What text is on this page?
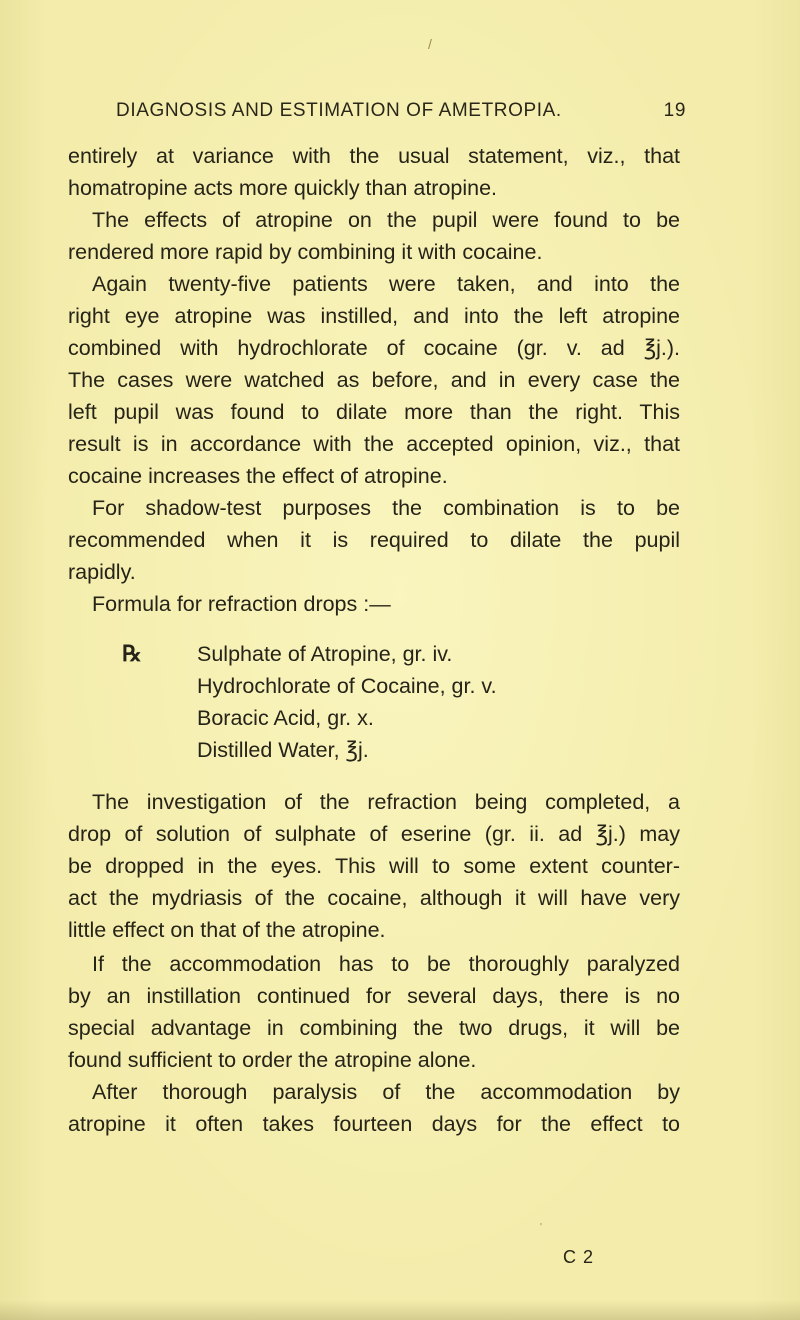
DIAGNOSIS AND ESTIMATION OF AMETROPIA.	19
entirely at variance with the usual statement, viz., that
homatropine acts more quickly than atropine.
The effects of atropine on the pupil were found to be
rendered more rapid by combining it with cocaine.
Again twenty-five patients were taken, and into the
right eye atropine was instilled, and into the left atropine
combined with hydrochlorate of cocaine (gr. v. ad ℥j.).
The cases were watched as before, and in every case the
left pupil was found to dilate more than the right. This
result is in accordance with the accepted opinion, viz., that
cocaine increases the effect of atropine.
For shadow-test purposes the combination is to be
recommended when it is required to dilate the pupil
rapidly.
Formula for refraction drops :—
℞	Sulphate of Atropine, gr. iv.
Hydrochlorate of Cocaine, gr. v.
Boracic Acid, gr. x.
Distilled Water, ℥j.
The investigation of the refraction being completed, a
drop of solution of sulphate of eserine (gr. ii. ad ℥j.) may
be dropped in the eyes. This will to some extent counter-
act the mydriasis of the cocaine, although it will have very
little effect on that of the atropine.
If the accommodation has to be thoroughly paralyzed
by an instillation continued for several days, there is no
special advantage in combining the two drugs, it will be
found sufficient to order the atropine alone.
After thorough paralysis of the accommodation by
atropine it often takes fourteen days for the effect to
C 2
/
'
